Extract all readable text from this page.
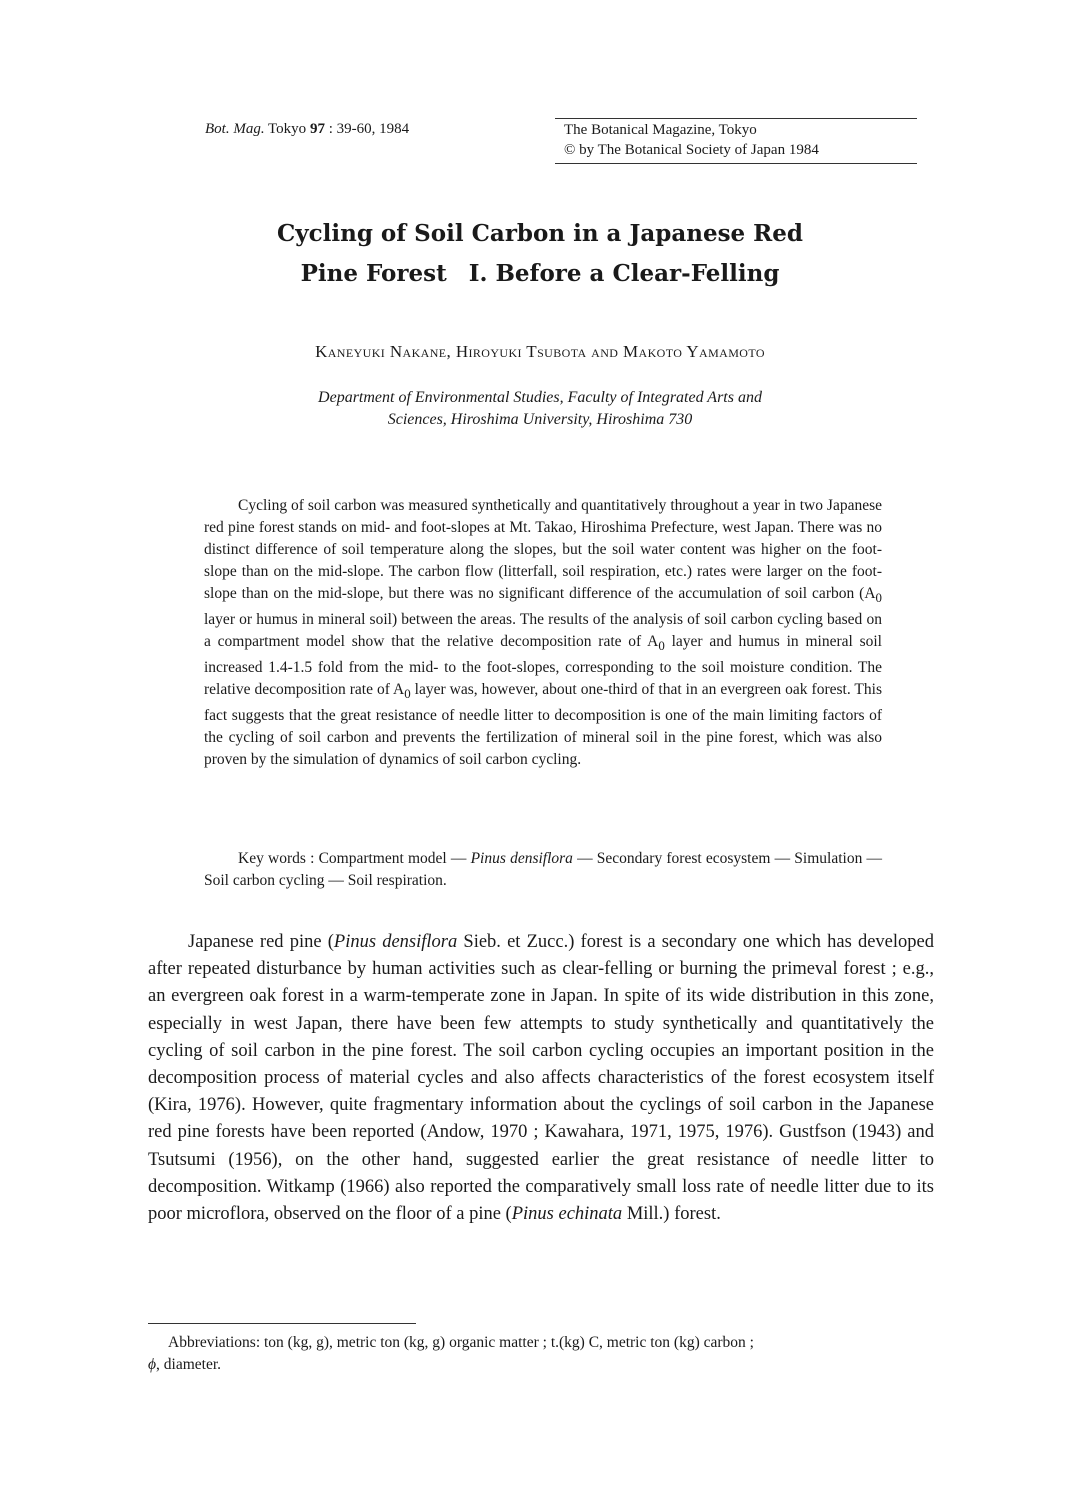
Bot. Mag. Tokyo 97 : 39-60, 1984	The Botanical Magazine, Tokyo
© by The Botanical Society of Japan 1984
Cycling of Soil Carbon in a Japanese Red
Pine Forest I. Before a Clear-Felling
Kaneyuki Nakane, Hiroyuki Tsubota and Makoto Yamamoto
Department of Environmental Studies, Faculty of Integrated Arts and
Sciences, Hiroshima University, Hiroshima 730

Cycling of soil carbon was measured synthetically and quantitatively throughout a year in two Japanese red pine forest stands on mid- and foot-slopes at Mt. Takao, Hiroshima Prefecture, west Japan. There was no distinct difference of soil temperature along the slopes, but the soil water content was higher on the foot-slope than on the mid-slope. The carbon flow (litterfall, soil respiration, etc.) rates were larger on the foot-slope than on the mid-slope, but there was no significant difference of the accumulation of soil carbon ($A_0$ layer or humus in mineral soil) between the areas. The results of the analysis of soil carbon cycling based on a compartment model show that the relative decomposition rate of $A_0$ layer and humus in mineral soil increased 1.4-1.5 fold from the mid- to the foot-slopes, corresponding to the soil moisture condition. The relative decomposition rate of $A_0$ layer was, however, about one-third of that in an evergreen oak forest. This fact suggests that the great resistance of needle litter to decomposition is one of the main limiting factors of the cycling of soil carbon and prevents the fertilization of mineral soil in the pine forest, which was also proven by the simulation of dynamics of soil carbon cycling.

Key words : Compartment model — Pinus densiflora — Secondary forest ecosystem — Simulation — Soil carbon cycling — Soil respiration.

Japanese red pine (Pinus densiflora Sieb. et Zucc.) forest is a secondary one which has developed after repeated disturbance by human activities such as clear-felling or burning the primeval forest ; e.g., an evergreen oak forest in a warm-temperate zone in Japan. In spite of its wide distribution in this zone, especially in west Japan, there have been few attempts to study synthetically and quantitatively the cycling of soil carbon in the pine forest. The soil carbon cycling occupies an important position in the decomposition process of material cycles and also affects characteristics of the forest ecosystem itself (Kira, 1976). However, quite fragmentary information about the cyclings of soil carbon in the Japanese red pine forests have been reported (Andow, 1970 ; Kawahara, 1971, 1975, 1976). Gustfson (1943) and Tsutsumi (1956), on the other hand, suggested earlier the great resistance of needle litter to decomposition. Witkamp (1966) also reported the comparatively small loss rate of needle litter due to its poor microflora, observed on the floor of a pine (Pinus echinata Mill.) forest.

Abbreviations: ton (kg, g), metric ton (kg, g) organic matter ; t.(kg) C, metric ton (kg) carbon ;
ϕ, diameter.
